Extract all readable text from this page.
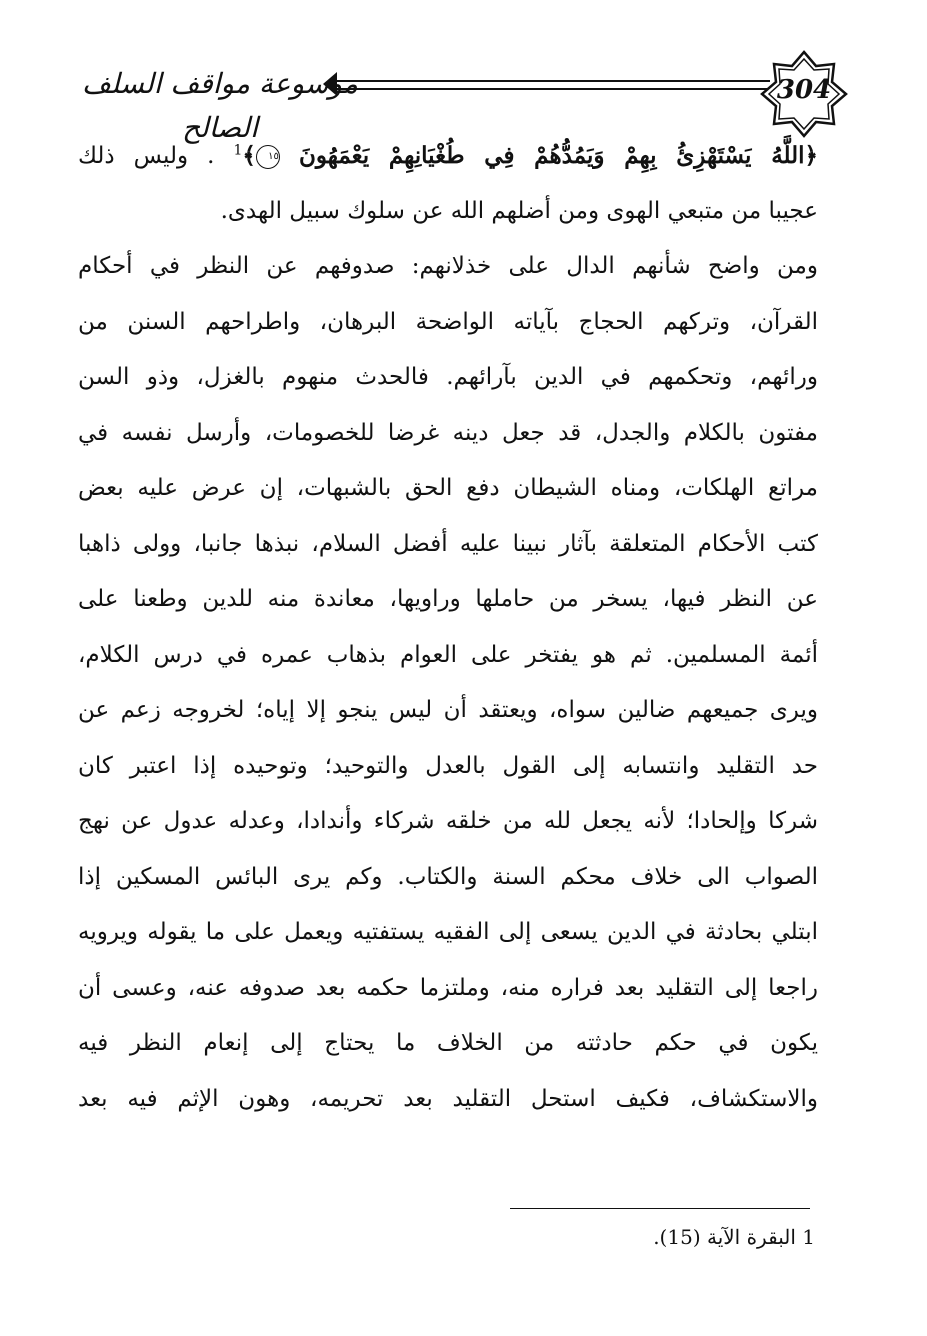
موسوعة مواقف السلف الصالح
304
﴿اللَّهُ يَسْتَهْزِئُ بِهِمْ وَيَمُدُّهُمْ فِي طُغْيَانِهِمْ يَعْمَهُونَ ١٥﴾$^1$ . وليس ذلك
عجيبا من متبعي الهوى ومن أضلهم الله عن سلوك سبيل الهدى.
ومن واضح شأنهم الدال على خذلانهم: صدوفهم عن النظر في أحكام
القرآن، وتركهم الحجاج بآياته الواضحة البرهان، واطراحهم السنن من
ورائهم، وتحكمهم في الدين بآرائهم. فالحدث منهوم بالغزل، وذو السن
مفتون بالكلام والجدل، قد جعل دينه غرضا للخصومات، وأرسل نفسه في
مراتع الهلكات، ومناه الشيطان دفع الحق بالشبهات، إن عرض عليه بعض
كتب الأحكام المتعلقة بآثار نبينا عليه أفضل السلام، نبذها جانبا، وولى ذاهبا
عن النظر فيها، يسخر من حاملها وراويها، معاندة منه للدين وطعنا على
أئمة المسلمين. ثم هو يفتخر على العوام بذهاب عمره في درس الكلام،
ويرى جميعهم ضالين سواه، ويعتقد أن ليس ينجو إلا إياه؛ لخروجه زعم عن
حد التقليد وانتسابه إلى القول بالعدل والتوحيد؛ وتوحيده إذا اعتبر كان
شركا وإلحادا؛ لأنه يجعل لله من خلقه شركاء وأندادا، وعدله عدول عن نهج
الصواب الى خلاف محكم السنة والكتاب. وكم يرى البائس المسكين إذا
ابتلي بحادثة في الدين يسعى إلى الفقيه يستفتيه ويعمل على ما يقوله ويرويه
راجعا إلى التقليد بعد فراره منه، وملتزما حكمه بعد صدوفه عنه، وعسى أن
يكون في حكم حادثته من الخلاف ما يحتاج إلى إنعام النظر فيه
والاستكشاف، فكيف استحل التقليد بعد تحريمه، وهون الإثم فيه بعد
1 البقرة الآية (15).
